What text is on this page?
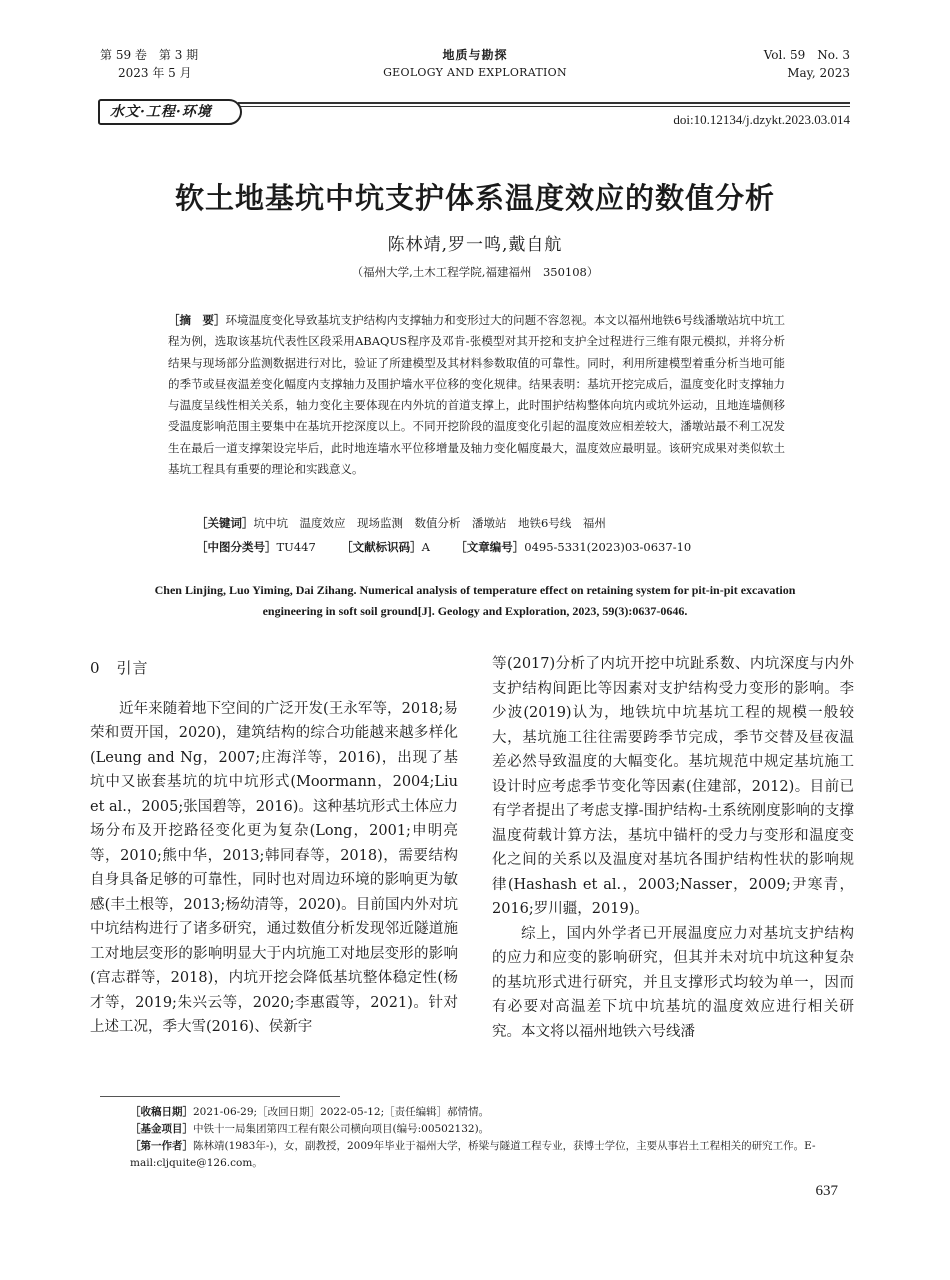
第 59 卷　第 3 期
2023 年 5 月
地质与勘探
GEOLOGY AND EXPLORATION
Vol. 59　No. 3
May, 2023
水文·工程·环境	doi:10.12134/j.dzykt.2023.03.014
软土地基坑中坑支护体系温度效应的数值分析
陈林靖,罗一鸣,戴自航
（福州大学,土木工程学院,福建福州　350108）
［摘　要］环境温度变化导致基坑支护结构内支撑轴力和变形过大的问题不容忽视。本文以福州地铁6号线潘墩站坑中坑工程为例，选取该基坑代表性区段采用ABAQUS程序及邓肯-张模型对其开挖和支护全过程进行三维有限元模拟，并将分析结果与现场部分监测数据进行对比，验证了所建模型及其材料参数取值的可靠性。同时，利用所建模型着重分析当地可能的季节或昼夜温差变化幅度内支撑轴力及围护墙水平位移的变化规律。结果表明：基坑开挖完成后，温度变化时支撑轴力与温度呈线性相关关系，轴力变化主要体现在内外坑的首道支撑上，此时围护结构整体向坑内或坑外运动，且地连墙侧移受温度影响范围主要集中在基坑开挖深度以上。不同开挖阶段的温度变化引起的温度效应相差较大，潘墩站最不利工况发生在最后一道支撑架设完毕后，此时地连墙水平位移增量及轴力变化幅度最大，温度效应最明显。该研究成果对类似软土基坑工程具有重要的理论和实践意义。
［关键词］坑中坑　温度效应　现场监测　数值分析　潘墩站　地铁6号线　福州
［中图分类号］TU447 ［文献标识码］A ［文章编号］0495-5331(2023)03-0637-10
Chen Linjing, Luo Yiming, Dai Zihang. Numerical analysis of temperature effect on retaining system for pit-in-pit excavation engineering in soft soil ground[J]. Geology and Exploration, 2023, 59(3):0637-0646.
0　引言

近年来随着地下空间的广泛开发(王永军等，2018;易荣和贾开国，2020)，建筑结构的综合功能越来越多样化(Leung and Ng，2007;庄海洋等，2016)，出现了基坑中又嵌套基坑的坑中坑形式(Moormann，2004;Liu et al.，2005;张国碧等，2016)。这种基坑形式土体应力场分布及开挖路径变化更为复杂(Long，2001;申明亮等，2010;熊中华，2013;韩同春等，2018)，需要结构自身具备足够的可靠性，同时也对周边环境的影响更为敏感(丰土根等，2013;杨幼清等，2020)。目前国内外对坑中坑结构进行了诸多研究，通过数值分析发现邻近隧道施工对地层变形的影响明显大于内坑施工对地层变形的影响(宫志群等，2018)，内坑开挖会降低基坑整体稳定性(杨才等，2019;朱兴云等，2020;李惠霞等，2021)。针对上述工况，季大雪(2016)、侯新宇

等(2017)分析了内坑开挖中坑趾系数、内坑深度与内外支护结构间距比等因素对支护结构受力变形的影响。李少波(2019)认为，地铁坑中坑基坑工程的规模一般较大，基坑施工往往需要跨季节完成，季节交替及昼夜温差必然导致温度的大幅变化。基坑规范中规定基坑施工设计时应考虑季节变化等因素(住建部，2012)。目前已有学者提出了考虑支撑-围护结构-土系统刚度影响的支撑温度荷载计算方法，基坑中锚杆的受力与变形和温度变化之间的关系以及温度对基坑各围护结构性状的影响规律(Hashash et al.，2003;Nasser，2009;尹寒青，2016;罗川疆，2019)。

综上，国内外学者已开展温度应力对基坑支护结构的应力和应变的影响研究，但其并未对坑中坑这种复杂的基坑形式进行研究，并且支撑形式均较为单一，因而有必要对高温差下坑中坑基坑的温度效应进行相关研究。本文将以福州地铁六号线潘

［收稿日期］2021-06-29;［改回日期］2022-05-12;［责任编辑］郝情情。
［基金项目］中铁十一局集团第四工程有限公司横向项目(编号:00502132)。
［第一作者］陈林靖(1983年-)，女，副教授，2009年毕业于福州大学，桥梁与隧道工程专业，获博士学位，主要从事岩土工程相关的研究工作。E-mail:cljquite@126.com。
637
